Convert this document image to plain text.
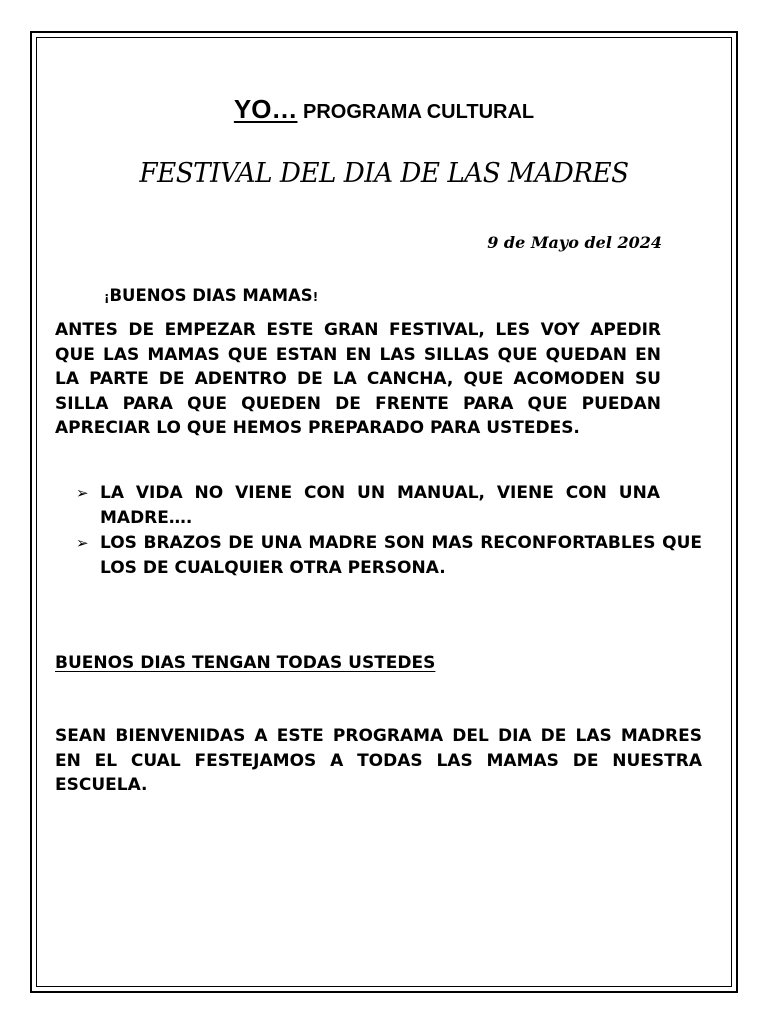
YO… PROGRAMA CULTURAL
FESTIVAL DEL DIA DE LAS MADRES
9 de Mayo del 2024
¡BUENOS DIAS MAMAS!
ANTES DE EMPEZAR ESTE GRAN FESTIVAL, LES VOY APEDIR QUE LAS MAMAS QUE ESTAN EN LAS SILLAS QUE QUEDAN EN LA PARTE DE ADENTRO DE LA CANCHA, QUE ACOMODEN SU SILLA PARA QUE QUEDEN DE FRENTE PARA QUE PUEDAN APRECIAR LO QUE HEMOS PREPARADO PARA USTEDES.
➢ LA VIDA NO VIENE CON UN MANUAL, VIENE CON UNA MADRE….
➢ LOS BRAZOS DE UNA MADRE SON MAS RECONFORTABLES QUE LOS DE CUALQUIER OTRA PERSONA.
BUENOS DIAS TENGAN TODAS USTEDES
SEAN BIENVENIDAS A ESTE PROGRAMA DEL DIA DE LAS MADRES EN EL CUAL FESTEJAMOS A TODAS LAS MAMAS DE NUESTRA ESCUELA.
